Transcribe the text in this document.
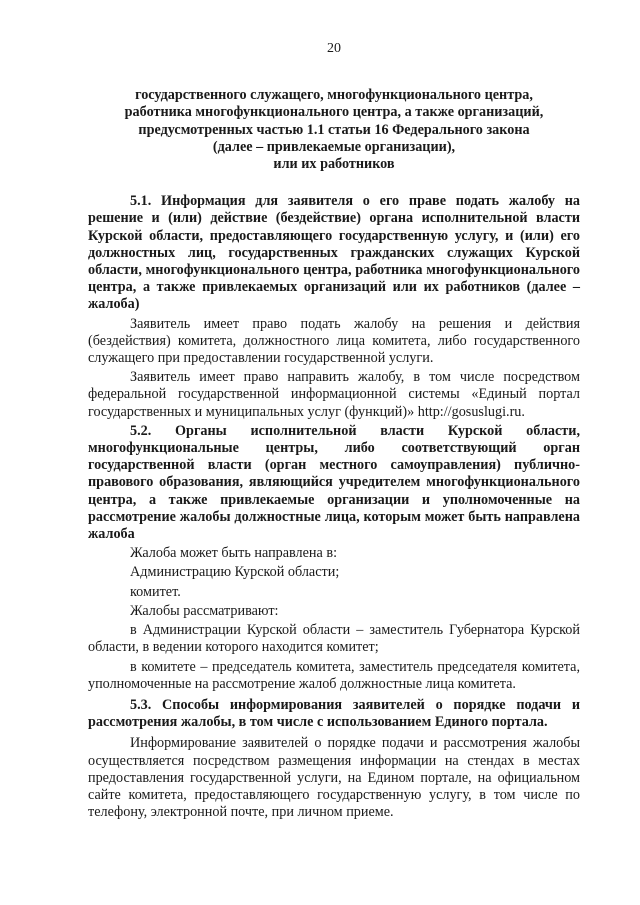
20
государственного служащего, многофункционального центра,
работника многофункционального центра, а также организаций,
предусмотренных частью 1.1 статьи 16 Федерального закона
(далее – привлекаемые организации),
или их работников

5.1. Информация для заявителя о его праве подать жалобу на решение и (или) действие (бездействие) органа исполнительной власти Курской области, предоставляющего государственную услугу, и (или) его должностных лиц, государственных гражданских служащих Курской области, многофункционального центра, работника многофункционального центра, а также привлекаемых организаций или их работников (далее – жалоба)

Заявитель имеет право подать жалобу на решения и действия (бездействия) комитета, должностного лица комитета, либо государственного служащего при предоставлении государственной услуги.

Заявитель имеет право направить жалобу, в том числе посредством федеральной государственной информационной системы «Единый портал государственных и муниципальных услуг (функций)» http://gosuslugi.ru.

5.2. Органы исполнительной власти Курской области, многофункциональные центры, либо соответствующий орган государственной власти (орган местного самоуправления) публично-правового образования, являющийся учредителем многофункционального центра, а также привлекаемые организации и уполномоченные на рассмотрение жалобы должностные лица, которым может быть направлена жалоба

Жалоба может быть направлена в:

Администрацию Курской области;

комитет.

Жалобы рассматривают:

в Администрации Курской области – заместитель Губернатора Курской области, в ведении которого находится комитет;

в комитете – председатель комитета, заместитель председателя комитета, уполномоченные на рассмотрение жалоб должностные лица комитета.

5.3. Способы информирования заявителей о порядке подачи и рассмотрения жалобы, в том числе с использованием Единого портала.

Информирование заявителей о порядке подачи и рассмотрения жалобы осуществляется посредством размещения информации на стендах в местах предоставления государственной услуги, на Едином портале, на официальном сайте комитета, предоставляющего государственную услугу, в том числе по телефону, электронной почте, при личном приеме.
